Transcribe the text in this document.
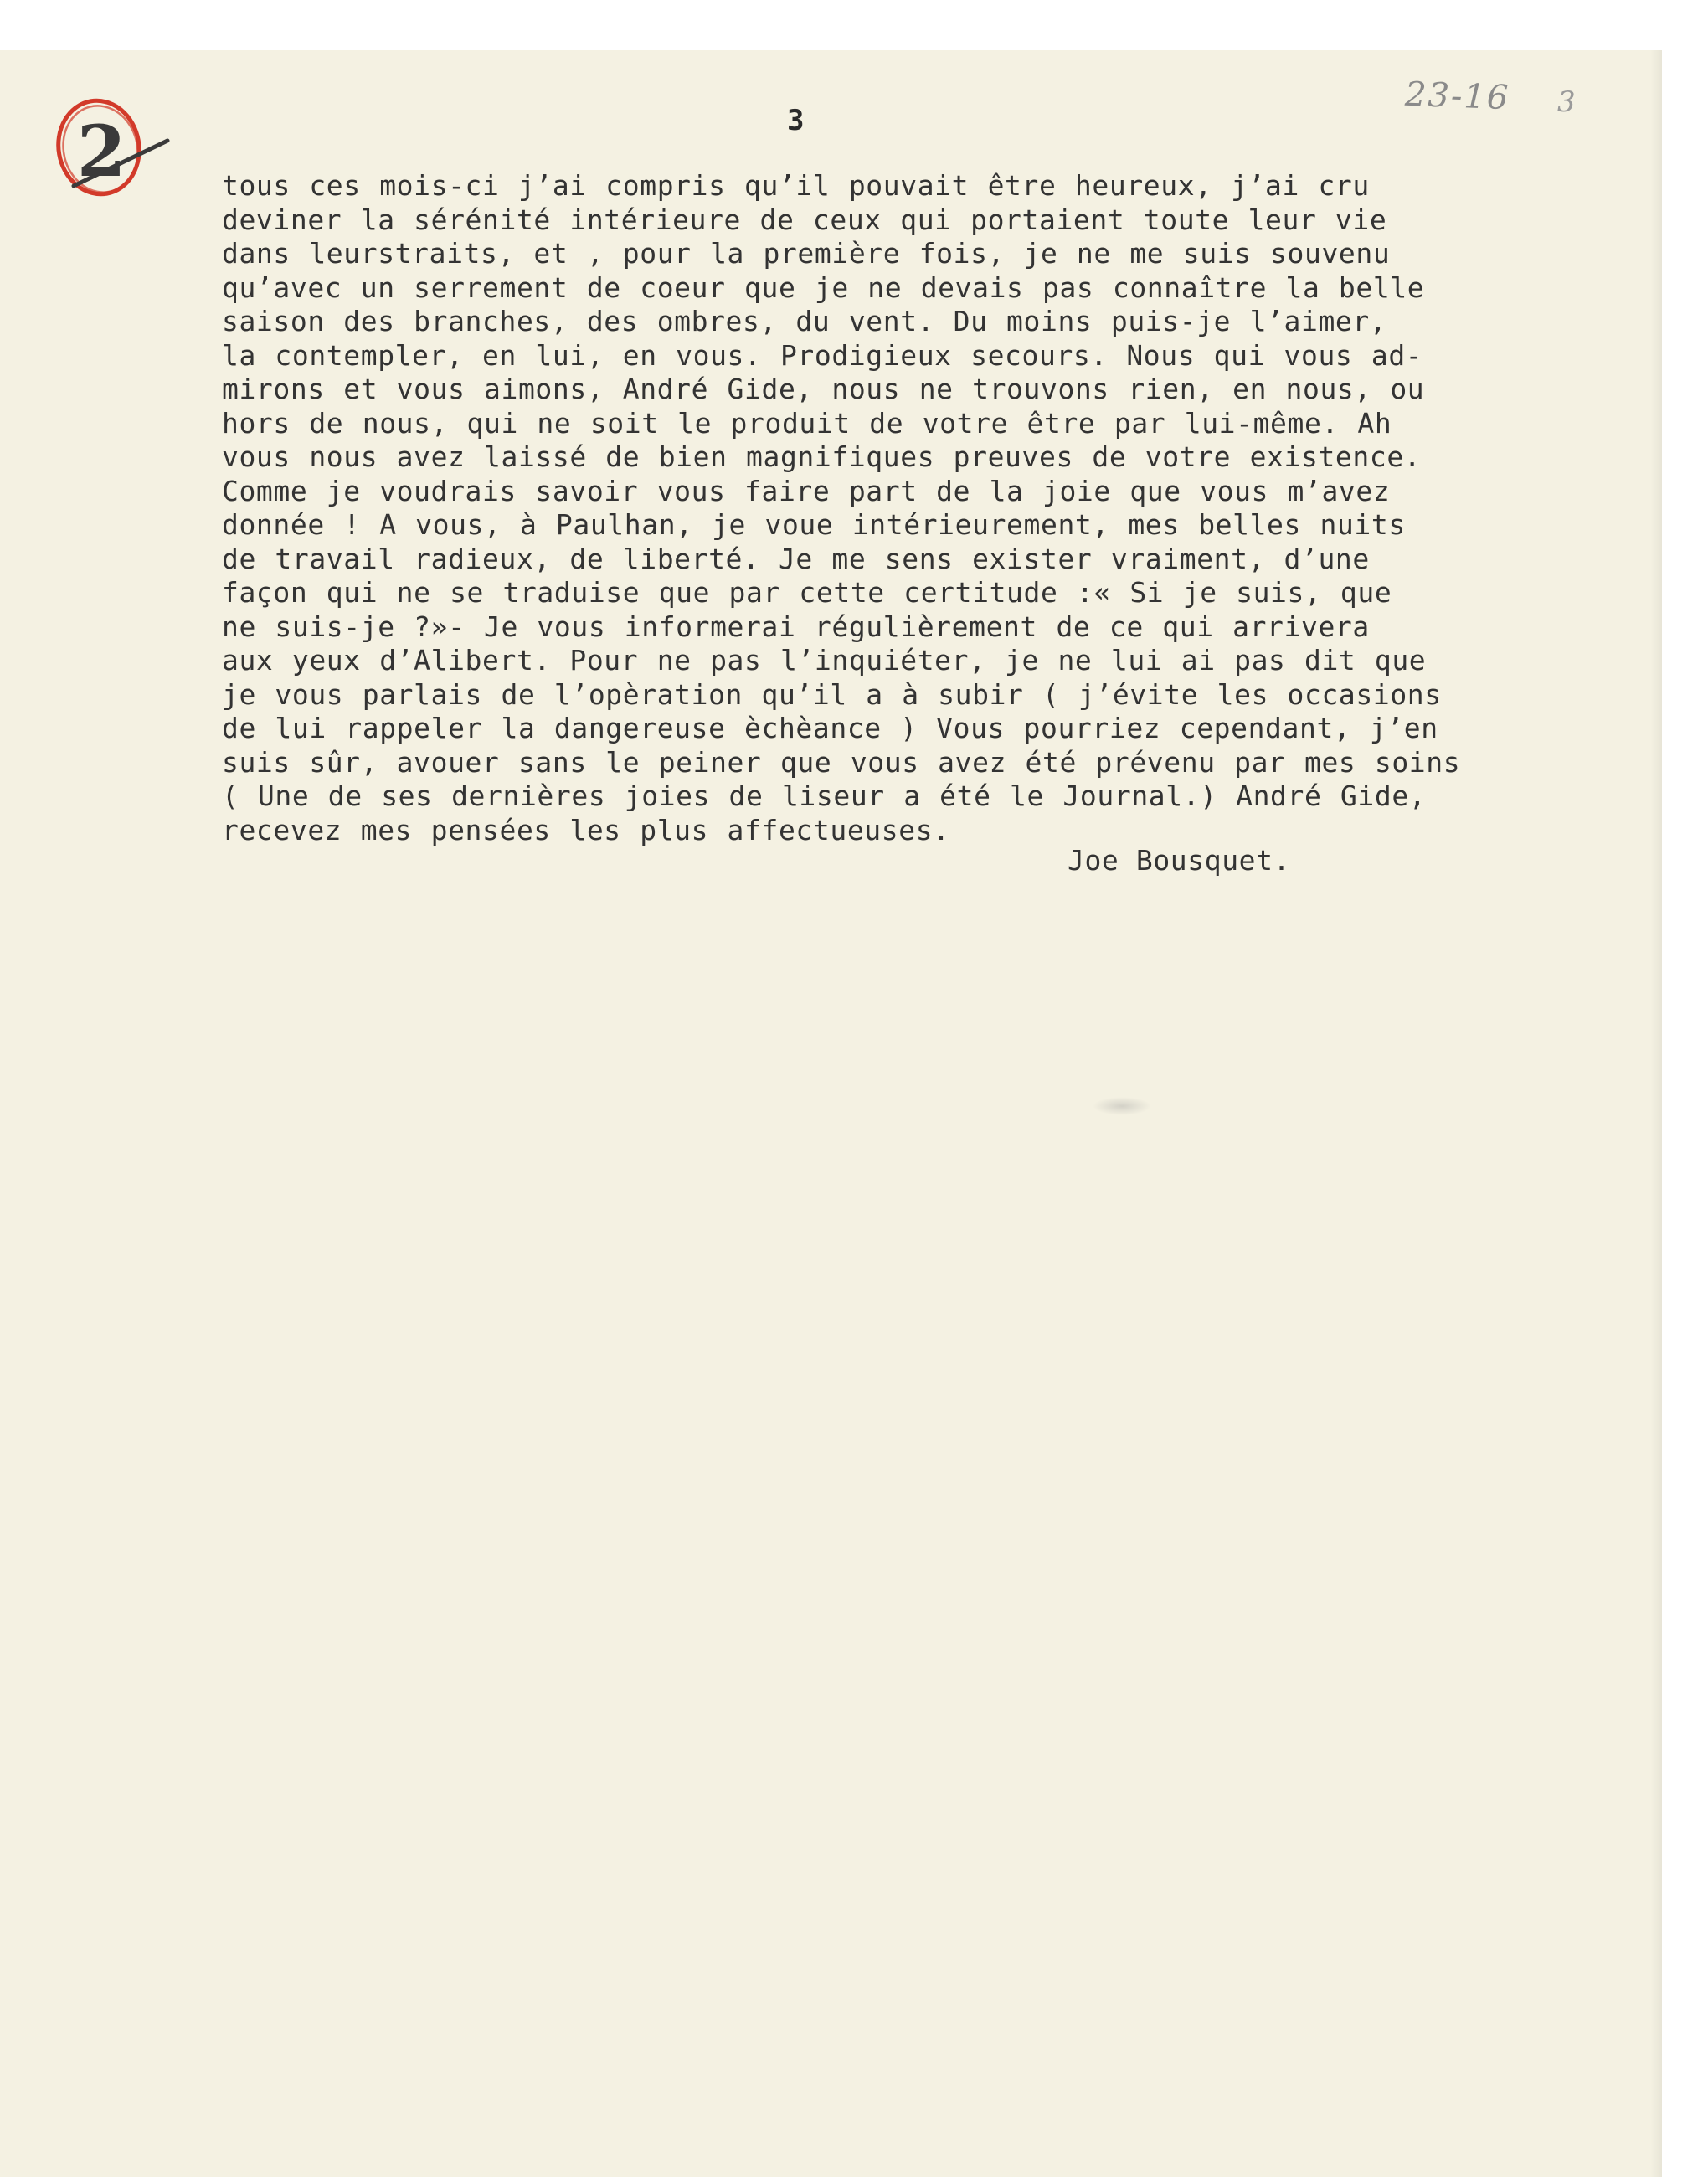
2	3
23-16 3
tous ces mois-ci j’ai compris qu’il pouvait être heureux, j’ai cru
deviner la sérénité intérieure de ceux qui portaient toute leur vie
dans leurstraits, et , pour la première fois, je ne me suis souvenu
qu’avec un serrement de coeur que je ne devais pas connaître la belle
saison des branches, des ombres, du vent. Du moins puis-je l’aimer,
la contempler, en lui, en vous. Prodigieux secours. Nous qui vous ad-
mirons et vous aimons, André Gide, nous ne trouvons rien, en nous, ou
hors de nous, qui ne soit le produit de votre être par lui-même. Ah
vous nous avez laissé de bien magnifiques preuves de votre existence.
Comme je voudrais savoir vous faire part de la joie que vous m’avez
donnée ! A vous, à Paulhan, je voue intérieurement, mes belles nuits
de travail radieux, de liberté. Je me sens exister vraiment, d’une
façon qui ne se traduise que par cette certitude :« Si je suis, que
ne suis-je ?»- Je vous informerai régulièrement de ce qui arrivera
aux yeux d’Alibert. Pour ne pas l’inquiéter, je ne lui ai pas dit que
je vous parlais de l’opèration qu’il a à subir ( j’évite les occasions
de lui rappeler la dangereuse èchèance ) Vous pourriez cependant, j’en
suis sûr, avouer sans le peiner que vous avez été prévenu par mes soins
( Une de ses dernières joies de liseur a été le Journal.) André Gide,
recevez mes pensées les plus affectueuses.
Joe Bousquet.
